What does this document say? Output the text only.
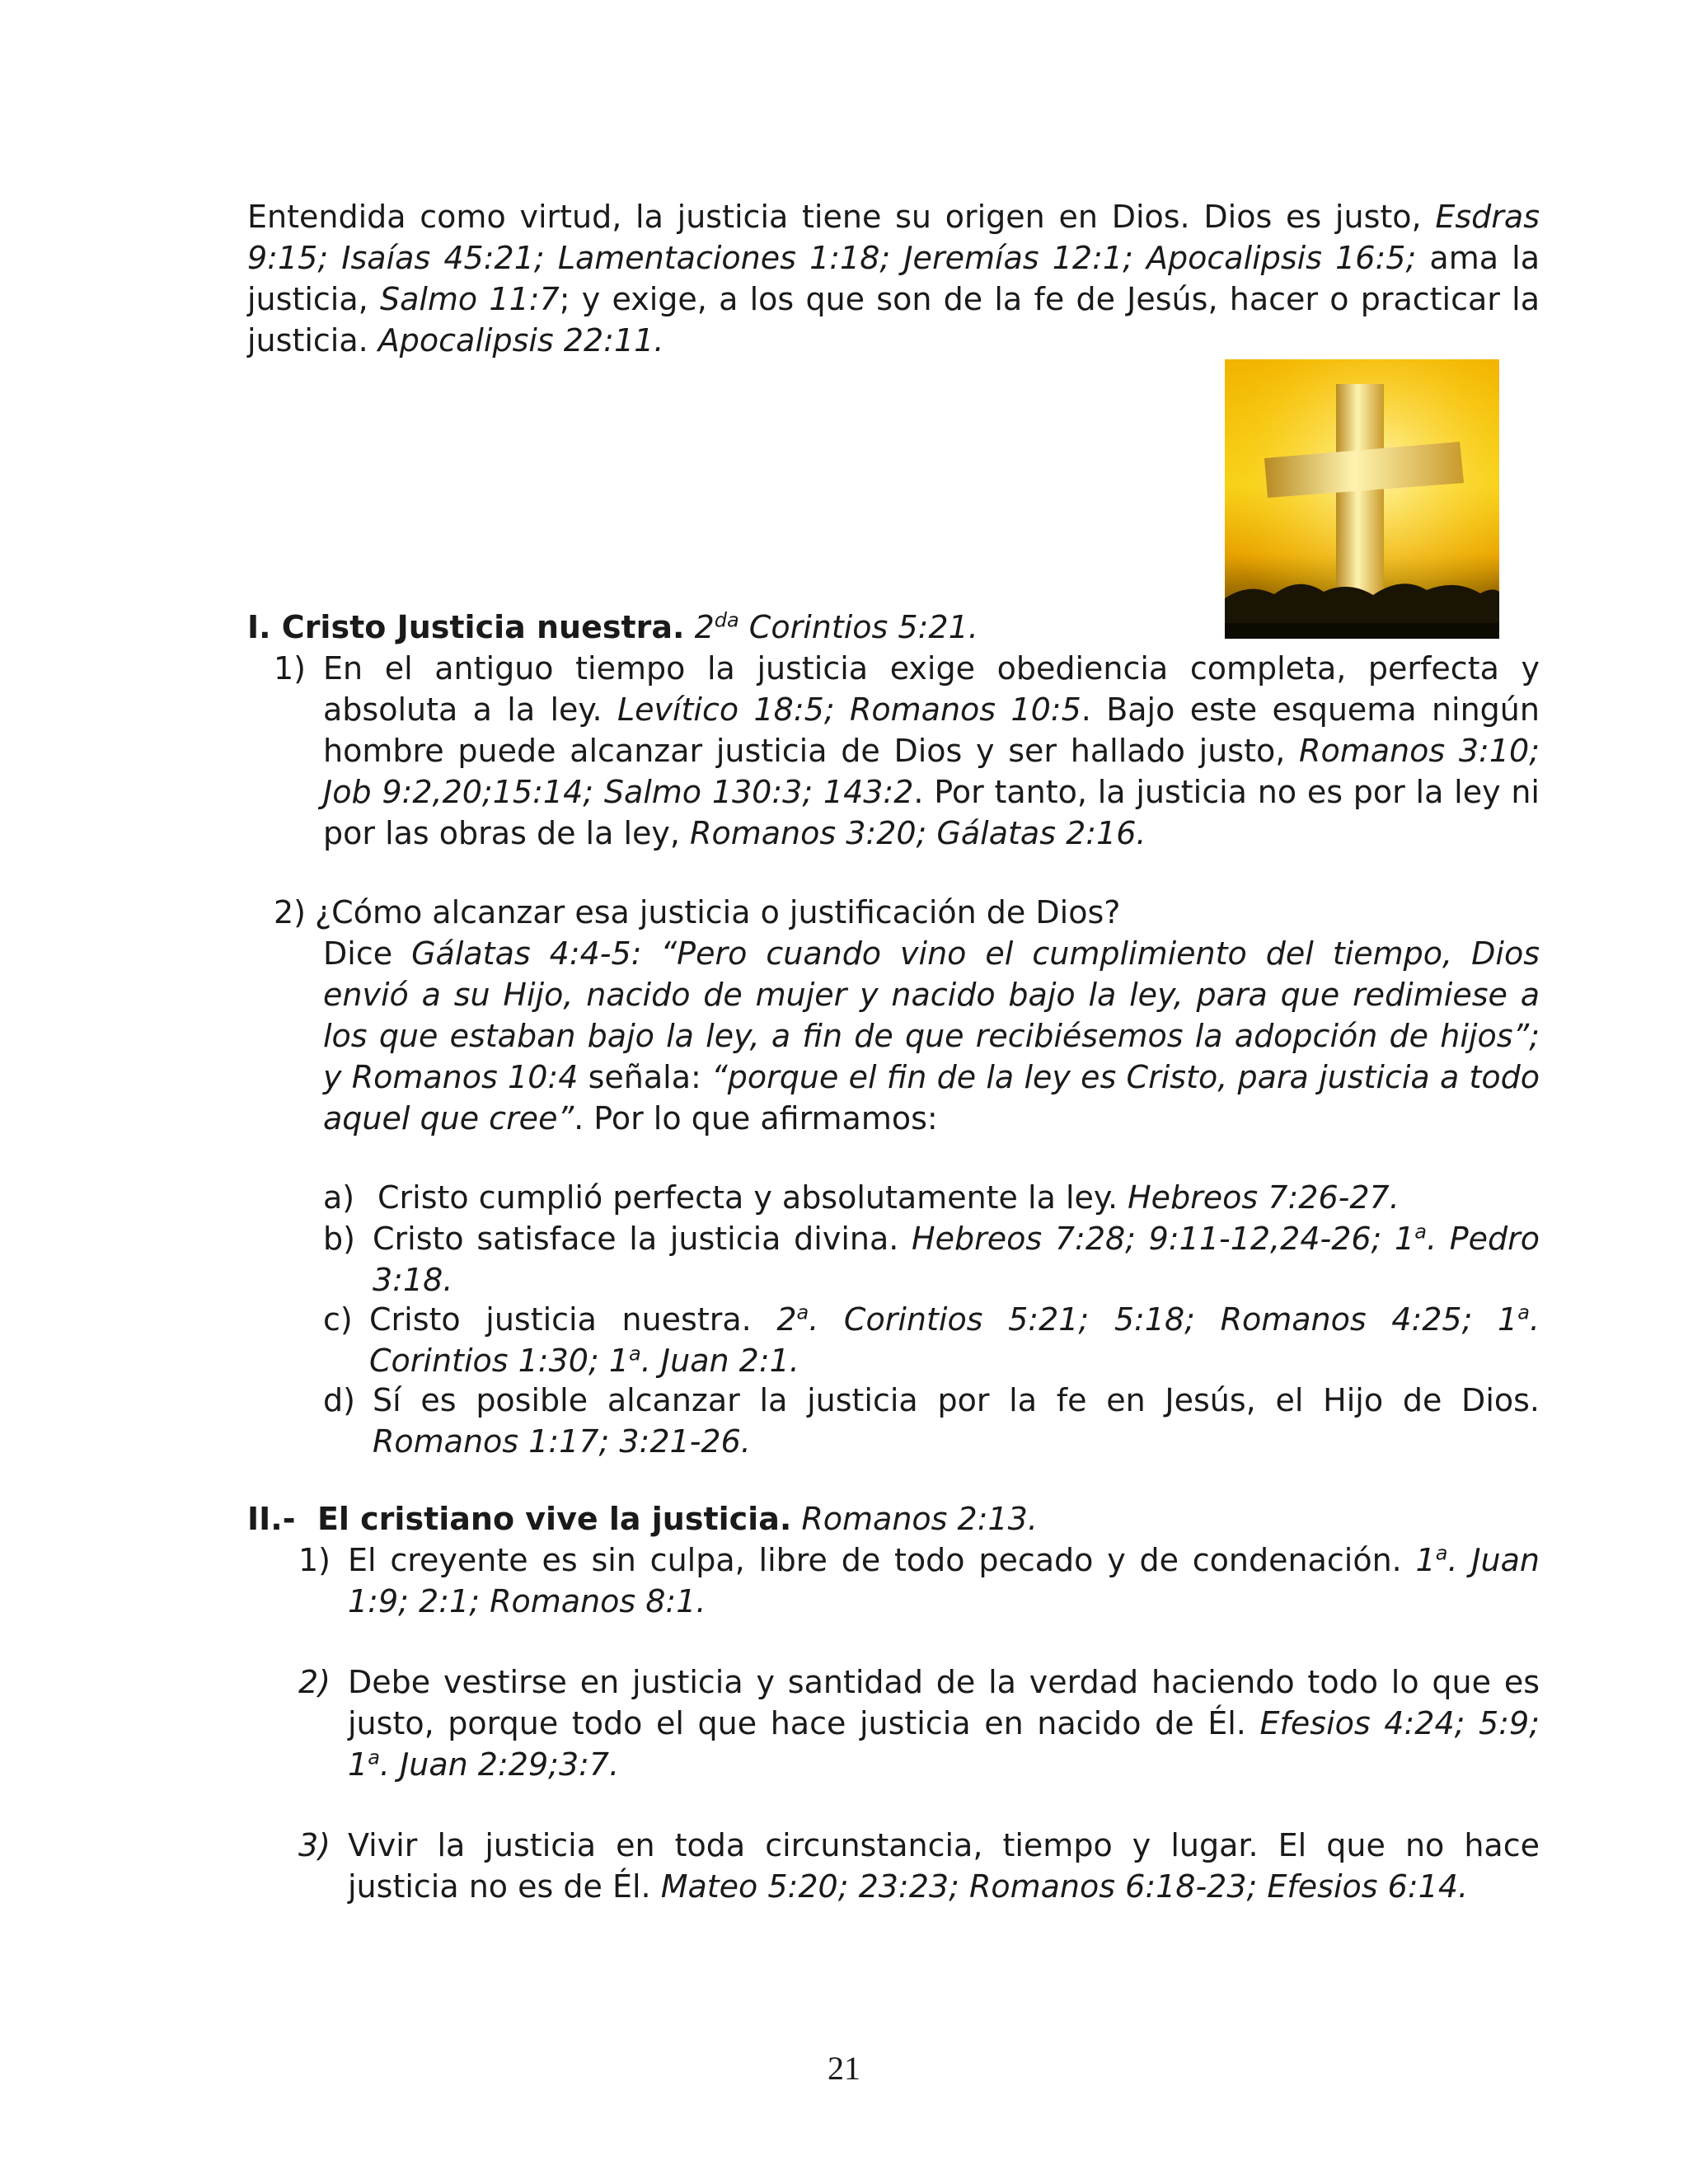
Entendida como virtud, la justicia tiene su origen en Dios. Dios es justo, Esdras 9:15; Isaías 45:21; Lamentaciones 1:18; Jeremías 12:1; Apocalipsis 16:5; ama la justicia, Salmo 11:7; y exige, a los que son de la fe de Jesús, hacer o practicar la justicia. Apocalipsis 22:11.

I. Cristo Justicia nuestra. $2^{da}$ Corintios 5:21.
1) En el antiguo tiempo la justicia exige obediencia completa, perfecta y absoluta a la ley. Levítico 18:5; Romanos 10:5. Bajo este esquema ningún hombre puede alcanzar justicia de Dios y ser hallado justo, Romanos 3:10; Job 9:2,20;15:14; Salmo 130:3; 143:2. Por tanto, la justicia no es por la ley ni por las obras de la ley, Romanos 3:20; Gálatas 2:16.

2) ¿Cómo alcanzar esa justicia o justificación de Dios?

Dice Gálatas 4:4-5: “Pero cuando vino el cumplimiento del tiempo, Dios envió a su Hijo, nacido de mujer y nacido bajo la ley, para que redimiese a los que estaban bajo la ley, a fin de que recibiésemos la adopción de hijos”; y Romanos 10:4 señala: “porque el fin de la ley es Cristo, para justicia a todo aquel que cree”. Por lo que afirmamos:

a) Cristo cumplió perfecta y absolutamente la ley. Hebreos 7:26-27.

b) Cristo satisface la justicia divina. Hebreos 7:28; 9:11-12,24-26; 1$^a$. Pedro 3:18.

c) Cristo justicia nuestra. 2$^a$. Corintios 5:21; 5:18; Romanos 4:25; 1$^a$. Corintios 1:30; 1$^a$. Juan 2:1.

d) Sí es posible alcanzar la justicia por la fe en Jesús, el Hijo de Dios. Romanos 1:17; 3:21-26.

II.-  El cristiano vive la justicia. Romanos 2:13.
1) El creyente es sin culpa, libre de todo pecado y de condenación. 1$^a$. Juan 1:9; 2:1; Romanos 8:1.

2) Debe vestirse en justicia y santidad de la verdad haciendo todo lo que es justo, porque todo el que hace justicia en nacido de Él. Efesios 4:24; 5:9; 1$^a$. Juan 2:29;3:7.

3) Vivir la justicia en toda circunstancia, tiempo y lugar. El que no hace justicia no es de Él. Mateo 5:20; 23:23; Romanos 6:18-23; Efesios 6:14.

21
